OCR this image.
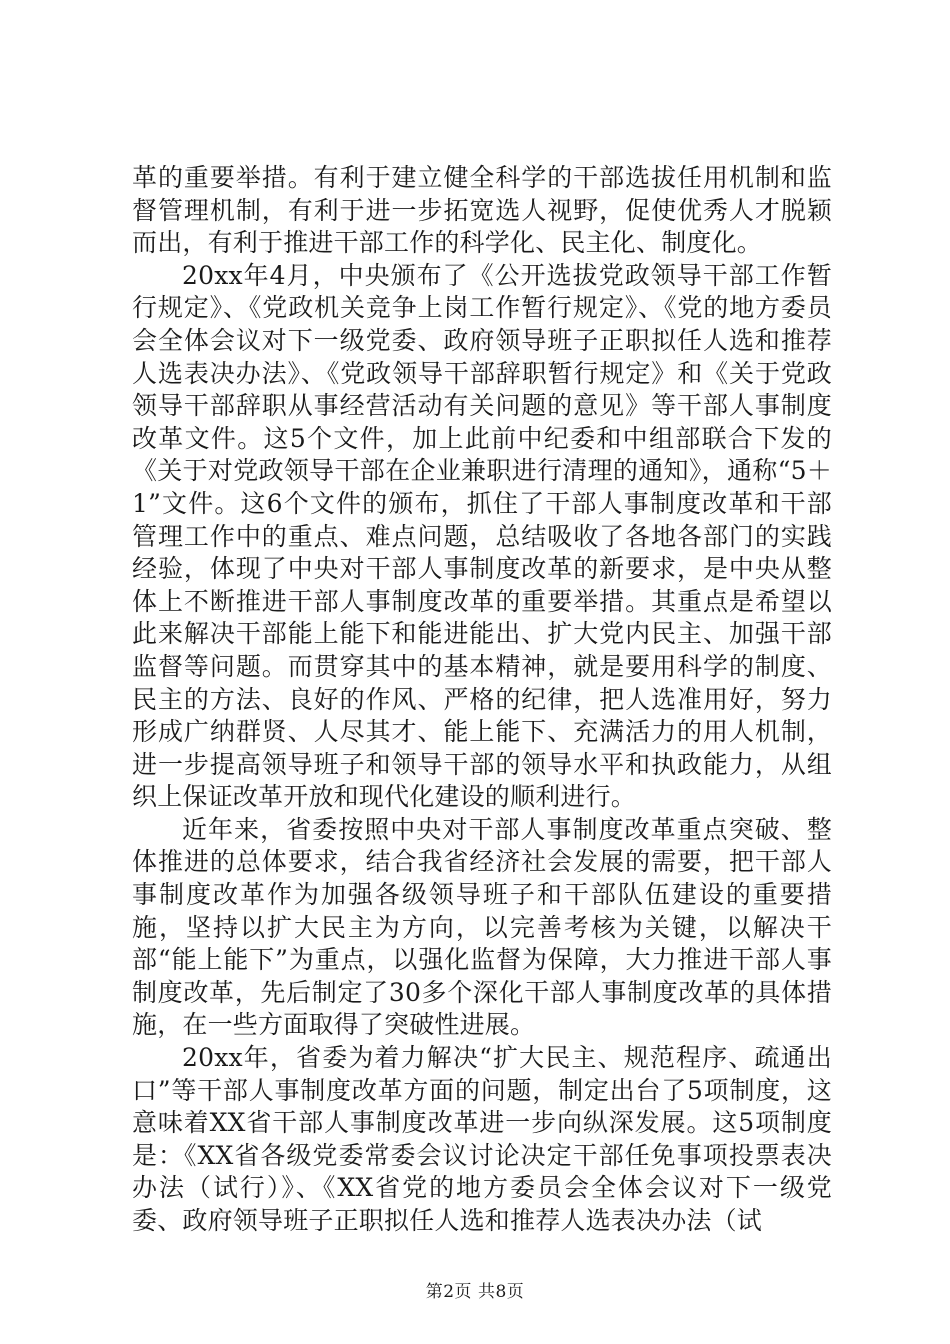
革的重要举措。有利于建立健全科学的干部选拔任用机制和监督管理机制，有利于进一步拓宽选人视野，促使优秀人才脱颖而出，有利于推进干部工作的科学化、民主化、制度化。

20xx年4月，中央颁布了《公开选拔党政领导干部工作暂行规定》、《党政机关竞争上岗工作暂行规定》、《党的地方委员会全体会议对下一级党委、政府领导班子正职拟任人选和推荐人选表决办法》、《党政领导干部辞职暂行规定》和《关于党政领导干部辞职从事经营活动有关问题的意见》等干部人事制度改革文件。这5个文件，加上此前中纪委和中组部联合下发的《关于对党政领导干部在企业兼职进行清理的通知》，通称“5＋1”文件。这6个文件的颁布，抓住了干部人事制度改革和干部管理工作中的重点、难点问题，总结吸收了各地各部门的实践经验，体现了中央对干部人事制度改革的新要求，是中央从整体上不断推进干部人事制度改革的重要举措。其重点是希望以此来解决干部能上能下和能进能出、扩大党内民主、加强干部监督等问题。而贯穿其中的基本精神，就是要用科学的制度、民主的方法、良好的作风、严格的纪律，把人选准用好，努力形成广纳群贤、人尽其才、能上能下、充满活力的用人机制，进一步提高领导班子和领导干部的领导水平和执政能力，从组织上保证改革开放和现代化建设的顺利进行。

近年来，省委按照中央对干部人事制度改革重点突破、整体推进的总体要求，结合我省经济社会发展的需要，把干部人事制度改革作为加强各级领导班子和干部队伍建设的重要措施，坚持以扩大民主为方向，以完善考核为关键，以解决干部“能上能下”为重点，以强化监督为保障，大力推进干部人事制度改革，先后制定了30多个深化干部人事制度改革的具体措施，在一些方面取得了突破性进展。

20xx年，省委为着力解决“扩大民主、规范程序、疏通出口”等干部人事制度改革方面的问题，制定出台了5项制度，这意味着XX省干部人事制度改革进一步向纵深发展。这5项制度是：《XX省各级党委常委会议讨论决定干部任免事项投票表决办法（试行）》、《XX省党的地方委员会全体会议对下一级党委、政府领导班子正职拟任人选和推荐人选表决办法（试

第2页 共8页
